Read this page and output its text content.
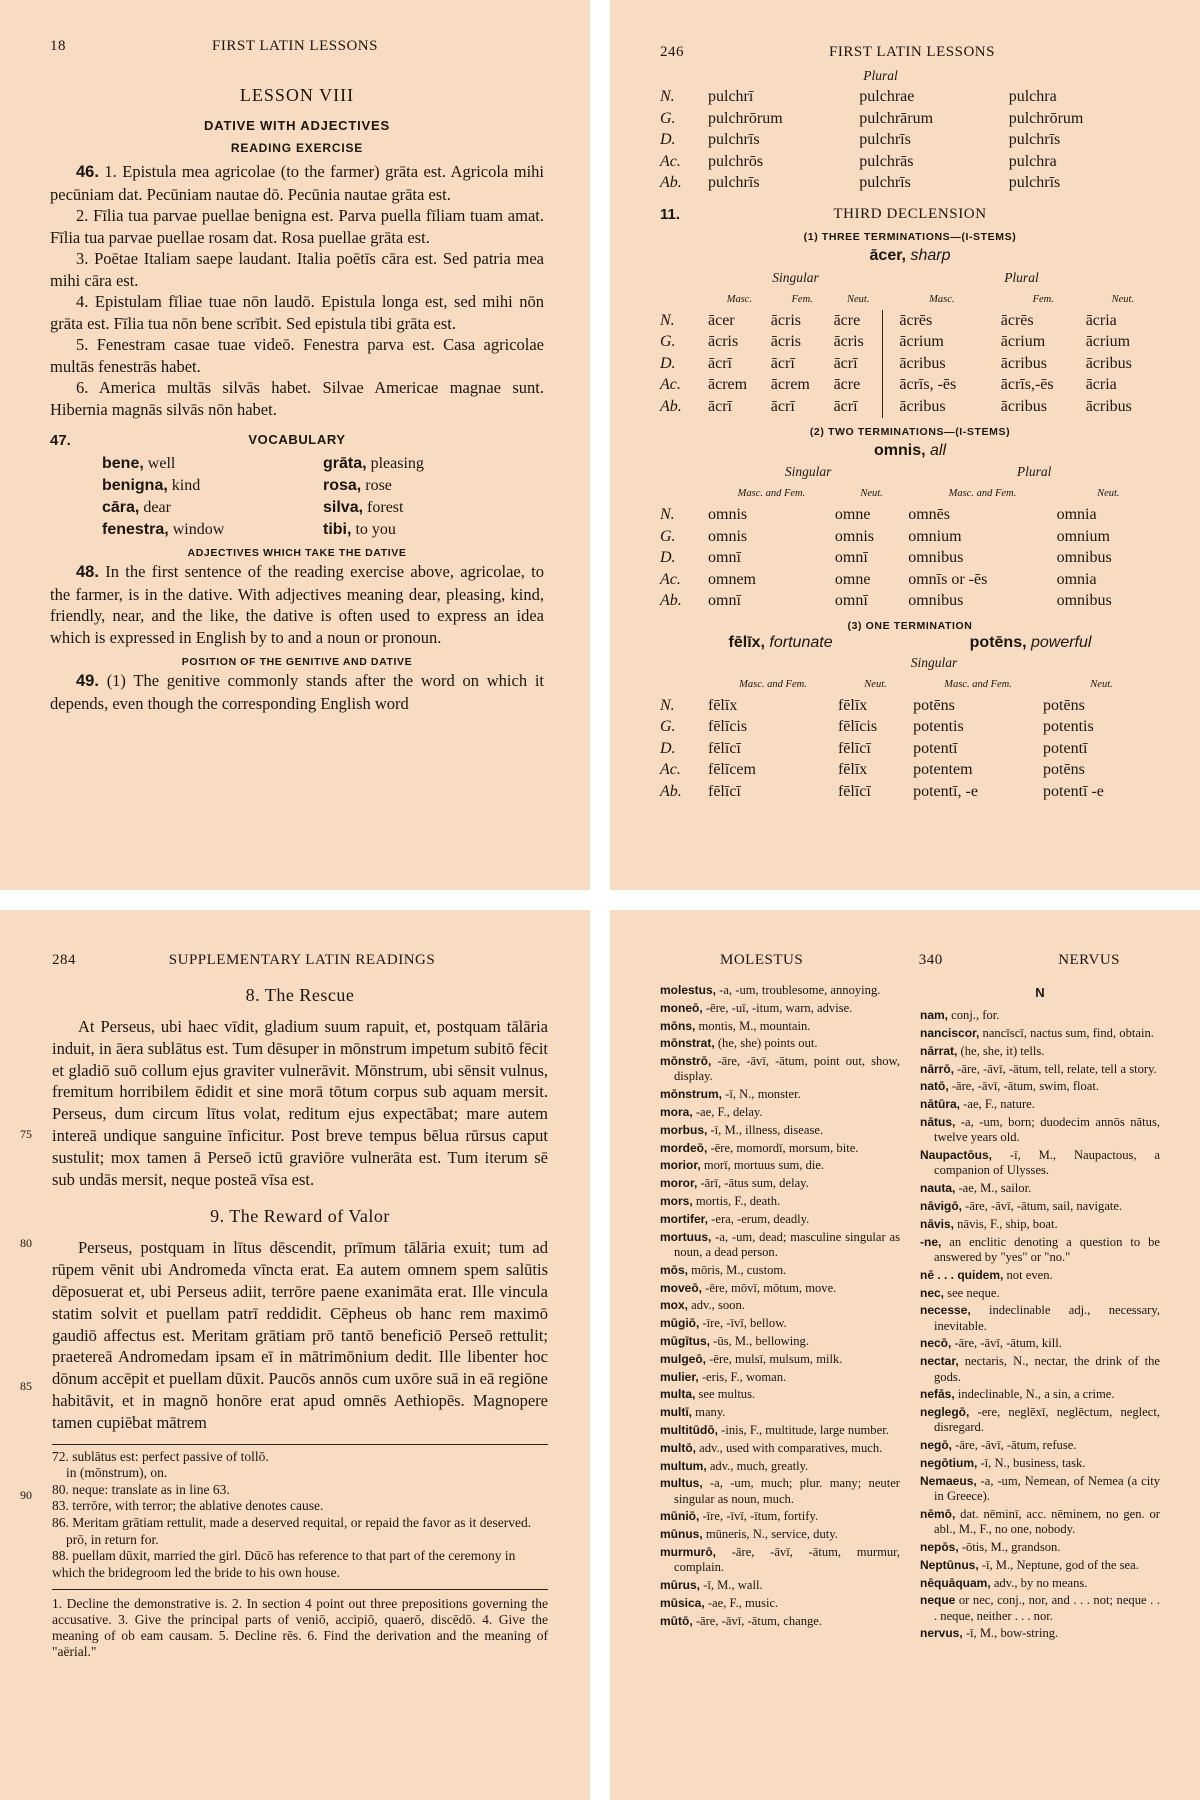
18	FIRST LATIN LESSONS
LESSON VIII
DATIVE WITH ADJECTIVES
READING EXERCISE

46. 1. Epistula mea agricolae (to the farmer) grāta est. Agricola mihi pecūniam dat. Pecūniam nautae dō. Pecūnia nautae grāta est.

2. Fīlia tua parvae puellae benigna est. Parva puella fīliam tuam amat. Fīlia tua parvae puellae rosam dat. Rosa puellae grāta est.

3. Poētae Italiam saepe laudant. Italia poētīs cāra est. Sed patria mea mihi cāra est.

4. Epistulam fīliae tuae nōn laudō. Epistula longa est, sed mihi nōn grāta est. Fīlia tua nōn bene scrībit. Sed epistula tibi grāta est.

5. Fenestram casae tuae videō. Fenestra parva est. Casa agricolae multās fenestrās habet.

6. America multās silvās habet. Silvae Americae magnae sunt. Hibernia magnās silvās nōn habet.

47.	VOCABULARY
bene, well	grāta, pleasing
benigna, kind	rosa, rose
cāra, dear	silva, forest
fenestra, window	tibi, to you
ADJECTIVES WHICH TAKE THE DATIVE

48. In the first sentence of the reading exercise above, agricolae, to the farmer, is in the dative. With adjectives meaning dear, pleasing, kind, friendly, near, and the like, the dative is often used to express an idea which is expressed in English by to and a noun or pronoun.

POSITION OF THE GENITIVE AND DATIVE

49. (1) The genitive commonly stands after the word on which it depends, even though the corresponding English word

246	FIRST LATIN LESSONS
		Plural	
N.	pulchrī	pulchrae	pulchra
G.	pulchrōrum	pulchrārum	pulchrōrum
D.	pulchrīs	pulchrīs	pulchrīs
Ac.	pulchrōs	pulchrās	pulchra
Ab.	pulchrīs	pulchrīs	pulchrīs
11.	THIRD DECLENSION
(1) THREE TERMINATIONS—(I-STEMS)
ācer, sharp
	Singular			Plural		
	Masc.	Fem.	Neut.	Masc.	Fem.	Neut.
N.	ācer	ācris	ācre	ācrēs	ācrēs	ācria
G.	ācris	ācris	ācris	ācrium	ācrium	ācrium
D.	ācrī	ācrī	ācrī	ācribus	ācribus	ācribus
Ac.	ācrem	ācrem	ācre	ācrīs, -ēs	ācrīs,-ēs	ācria
Ab.	ācrī	ācrī	ācrī	ācribus	ācribus	ācribus
(2) TWO TERMINATIONS—(I-STEMS)
omnis, all
	Singular		Plural	
	Masc. and Fem.	Neut.	Masc. and Fem.	Neut.
N.	omnis	omne	omnēs	omnia
G.	omnis	omnis	omnium	omnium
D.	omnī	omnī	omnibus	omnibus
Ac.	omnem	omne	omnīs or -ēs	omnia
Ab.	omnī	omnī	omnibus	omnibus
(3) ONE TERMINATION
fēlīx, fortunate	potēns, powerful
	Singular			
	Masc. and Fem.	Neut.	Masc. and Fem.	Neut.
N.	fēlīx	fēlīx	potēns	potēns
G.	fēlīcis	fēlīcis	potentis	potentis
D.	fēlīcī	fēlīcī	potentī	potentī
Ac.	fēlīcem	fēlīx	potentem	potēns
Ab.	fēlīcī	fēlīcī	potentī, -e	potentī -e
284	SUPPLEMENTARY LATIN READINGS
8. The Rescue

At Perseus, ubi haec vīdit, gladium suum rapuit, et, postquam tālāria induit, in āera sublātus est. Tum dēsuper in mōnstrum impetum subitō fēcit et gladiō suō collum ejus graviter vulnerāvit. Mōnstrum, ubi sēnsit vulnus, fremitum horribilem ēdidit et sine morā tōtum corpus sub aquam mersit. Perseus, dum circum lītus volat, reditum ejus expectābat; mare autem intereā undique sanguine īnficitur. Post breve tempus bēlua rūrsus caput sustulit; mox tamen ā Perseō ictū graviōre vulnerāta est. Tum iterum sē sub undās mersit, neque posteā vīsa est.

9. The Reward of Valor

Perseus, postquam in lītus dēscendit, prīmum tālāria exuit; tum ad rūpem vēnit ubi Andromeda vīncta erat. Ea autem omnem spem salūtis dēposuerat et, ubi Perseus adiit, terrōre paene exanimāta erat. Ille vincula statim solvit et puellam patrī reddidit. Cēpheus ob hanc rem maximō gaudiō affectus est. Meritam grātiam prō tantō beneficiō Perseō rettulit; praetereā Andromedam ipsam eī in mātrimōnium dedit. Ille libenter hoc dōnum accēpit et puellam dūxit. Paucōs annōs cum uxōre suā in eā regiōne habitāvit, et in magnō honōre erat apud omnēs Aethiopēs. Magnopere tamen cupiēbat mātrem

75
80
85
90
72. sublātus est: perfect passive of tollō.
in (mōnstrum), on.
80. neque: translate as in line 63.
83. terrōre, with terror; the ablative denotes cause.
86. Meritam grātiam rettulit, made a deserved requital, or repaid the favor as it deserved.
prō, in return for.
88. puellam dūxit, married the girl. Dūcō has reference to that part of the ceremony in which the bridegroom led the bride to his own house.
1. Decline the demonstrative is. 2. In section 4 point out three prepositions governing the accusative. 3. Give the principal parts of veniō, accipiō, quaerō, discēdō. 4. Give the meaning of ob eam causam. 5. Decline rēs. 6. Find the derivation and the meaning of "aërial."
MOLESTUS	340	NERVUS
molestus, -a, -um, troublesome, annoying.
moneō, -ēre, -uī, -itum, warn, advise.
mōns, montis, M., mountain.
mōnstrat, (he, she) points out.
mōnstrō, -āre, -āvī, -ātum, point out, show, display.
mōnstrum, -ī, N., monster.
mora, -ae, F., delay.
morbus, -ī, M., illness, disease.
mordeō, -ēre, momordī, morsum, bite.
morior, morī, mortuus sum, die.
moror, -ārī, -ātus sum, delay.
mors, mortis, F., death.
mortifer, -era, -erum, deadly.
mortuus, -a, -um, dead; masculine singular as noun, a dead person.
mōs, mōris, M., custom.
moveō, -ēre, mōvī, mōtum, move.
mox, adv., soon.
mūgiō, -īre, -īvī, bellow.
mūgītus, -ūs, M., bellowing.
mulgeō, -ēre, mulsī, mulsum, milk.
mulier, -eris, F., woman.
multa, see multus.
multī, many.
multitūdō, -inis, F., multitude, large number.
multō, adv., used with comparatives, much.
multum, adv., much, greatly.
multus, -a, -um, much; plur. many; neuter singular as noun, much.
mūniō, -īre, -īvī, -ītum, fortify.
mūnus, mūneris, N., service, duty.
murmurō, -āre, -āvī, -ātum, murmur, complain.
mūrus, -ī, M., wall.
mūsica, -ae, F., music.
mūtō, -āre, -āvī, -ātum, change.
N
nam, conj., for.
nanciscor, nancīscī, nactus sum, find, obtain.
nārrat, (he, she, it) tells.
nārrō, -āre, -āvī, -ātum, tell, relate, tell a story.
natō, -āre, -āvī, -ātum, swim, float.
nātūra, -ae, F., nature.
nātus, -a, -um, born; duodecim annōs nātus, twelve years old.
Naupactōus, -ī, M., Naupactous, a companion of Ulysses.
nauta, -ae, M., sailor.
nāvigō, -āre, -āvī, -ātum, sail, navigate.
nāvis, nāvis, F., ship, boat.
-ne, an enclitic denoting a question to be answered by "yes" or "no."
nē . . . quidem, not even.
nec, see neque.
necesse, indeclinable adj., necessary, inevitable.
necō, -āre, -āvī, -ātum, kill.
nectar, nectaris, N., nectar, the drink of the gods.
nefās, indeclinable, N., a sin, a crime.
neglegō, -ere, neglēxī, neglēctum, neglect, disregard.
negō, -āre, -āvī, -ātum, refuse.
negōtium, -ī, N., business, task.
Nemaeus, -a, -um, Nemean, of Nemea (a city in Greece).
nēmō, dat. nēminī, acc. nēminem, no gen. or abl., M., F., no one, nobody.
nepōs, -ōtis, M., grandson.
Neptūnus, -ī, M., Neptune, god of the sea.
nēquāquam, adv., by no means.
neque or nec, conj., nor, and . . . not; neque . . . neque, neither . . . nor.
nervus, -ī, M., bow-string.
